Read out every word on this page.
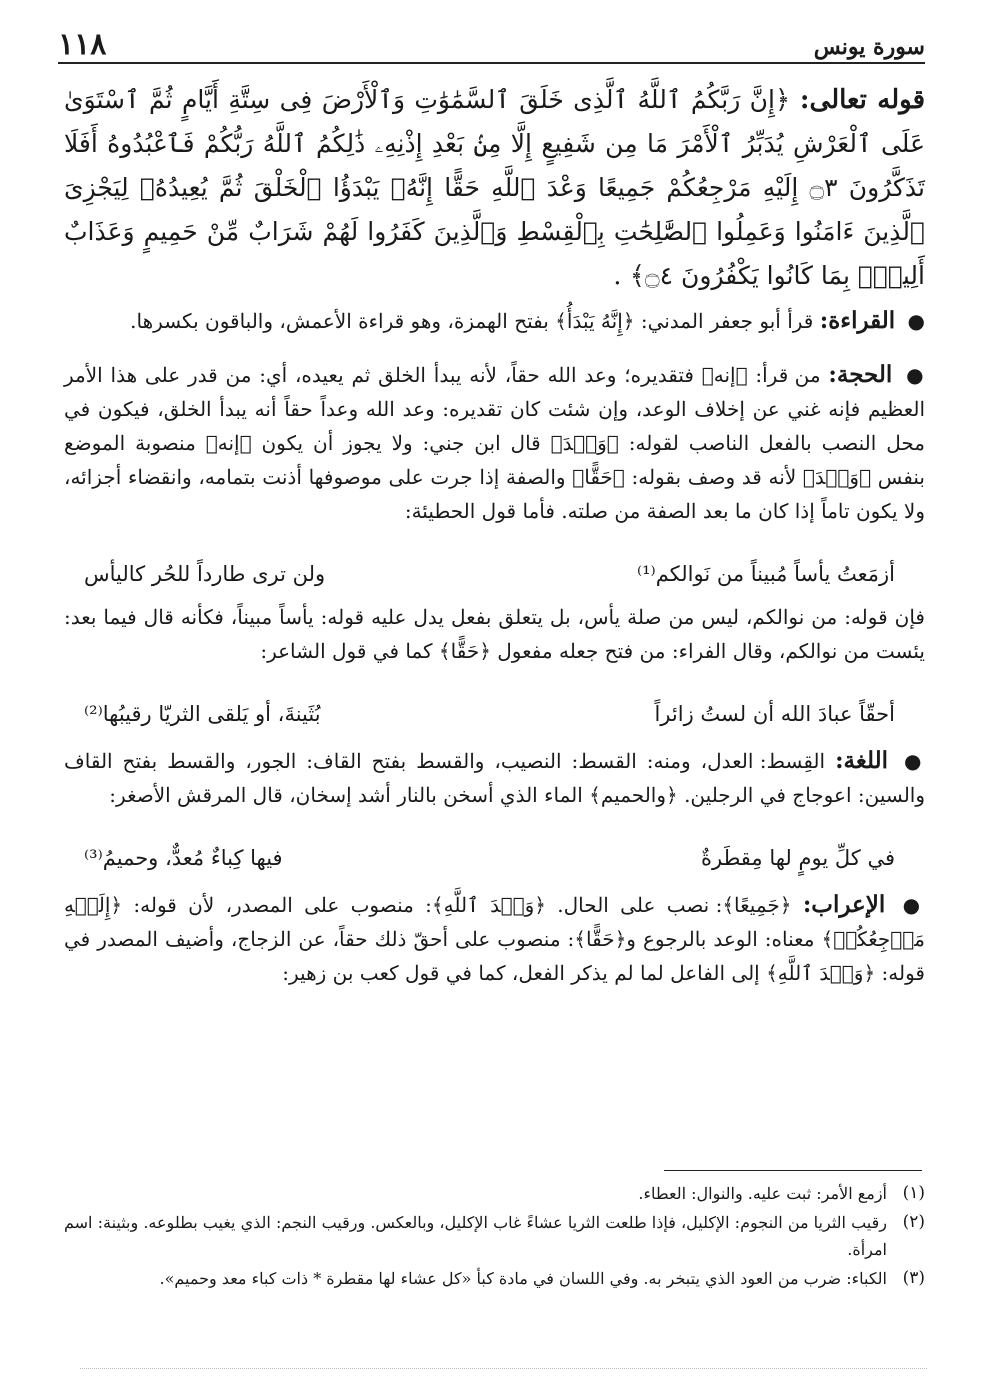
سورة يونس
١١٨

قوله تعالى: ﴿إِنَّ رَبَّكُمُ ٱللَّهُ ٱلَّذِى خَلَقَ ٱلسَّمَٰوَٰتِ وَٱلْأَرْضَ فِى سِتَّةِ أَيَّامٍ ثُمَّ ٱسْتَوَىٰ عَلَى ٱلْعَرْشِ يُدَبِّرُ ٱلْأَمْرَ مَا مِن شَفِيعٍ إِلَّا مِنۢ بَعْدِ إِذْنِهِۦ ذَٰلِكُمُ ٱللَّهُ رَبُّكُمْ فَٱعْبُدُوهُ أَفَلَا تَذَكَّرُونَ ۝٣ إِلَيْهِ مَرْجِعُكُمْ جَمِيعًا وَعْدَ ٱللَّهِ حَقًّا إِنَّهُۥ يَبْدَؤُا ٱلْخَلْقَ ثُمَّ يُعِيدُهُۥ لِيَجْزِىَ ٱلَّذِينَ ءَامَنُوا وَعَمِلُوا ٱلصَّٰلِحَٰتِ بِٱلْقِسْطِ وَٱلَّذِينَ كَفَرُوا لَهُمْ شَرَابٌ مِّنْ حَمِيمٍ وَعَذَابٌ أَلِيمٌۢ بِمَا كَانُوا يَكْفُرُونَ ۝٤﴾ .

● القراءة: قرأ أبو جعفر المدني: ﴿إِنَّهُ يَبْدَأُ﴾ بفتح الهمزة، وهو قراءة الأعمش، والباقون بكسرها.

● الحجة: من قرأ: ﴿إنه﴾ فتقديره؛ وعد الله حقاً، لأنه يبدأ الخلق ثم يعيده، أي: من قدر على هذا الأمر العظيم فإنه غني عن إخلاف الوعد، وإن شئت كان تقديره: وعد الله وعداً حقاً أنه يبدأ الخلق، فيكون في محل النصب بالفعل الناصب لقوله: ﴿وَعۡدَ﴾ قال ابن جني: ولا يجوز أن يكون ﴿إنه﴾ منصوبة الموضع بنفس ﴿وَعۡدَ﴾ لأنه قد وصف بقوله: ﴿حَقًّا﴾ والصفة إذا جرت على موصوفها أذنت بتمامه، وانقضاء أجزائه، ولا يكون تاماً إذا كان ما بعد الصفة من صلته. فأما قول الحطيئة:

أزمَعتُ يأساً مُبيناً من نَوالكم⁽¹⁾
ولن ترى طارداً للحُر كاليأس

فإن قوله: من نوالكم، ليس من صلة يأس، بل يتعلق بفعل يدل عليه قوله: يأساً مبيناً، فكأنه قال فيما بعد: يئست من نوالكم، وقال الفراء: من فتح جعله مفعول ﴿حَقًّا﴾ كما في قول الشاعر:

أحقّاً عبادَ الله أن لستُ زائراً
بُثَينةَ، أو يَلقى الثريّا رقيبُها⁽²⁾

● اللغة: القِسط: العدل، ومنه: القسط: النصيب، والقسط بفتح القاف: الجور، والقسط بفتح القاف والسين: اعوجاج في الرجلين. ﴿والحميم﴾ الماء الذي أسخن بالنار أشد إسخان، قال المرقش الأصغر:

في كلِّ يومٍ لها مِقطَرةٌ
فيها كِباءٌ مُعدٌّ، وحميمُ⁽³⁾

● الإعراب: ﴿جَمِيعًا﴾: نصب على الحال. ﴿وَعۡدَ ٱللَّهِ﴾: منصوب على المصدر، لأن قوله: ﴿إِلَيۡهِ مَرۡجِعُكُمۡ﴾ معناه: الوعد بالرجوع و﴿حَقًّا﴾: منصوب على أحقّ ذلك حقاً، عن الزجاج، وأضيف المصدر في قوله: ﴿وَعۡدَ ٱللَّهِ﴾ إلى الفاعل لما لم يذكر الفعل، كما في قول كعب بن زهير:

(١)
أزمع الأمر: ثبت عليه. والنوال: العطاء.
(٢)
رقيب الثريا من النجوم: الإكليل، فإذا طلعت الثريا عشاءً غاب الإكليل، وبالعكس. ورقيب النجم: الذي يغيب بطلوعه. وبثينة: اسم امرأة.
(٣)
الكباء: ضرب من العود الذي يتبخر به. وفي اللسان في مادة كبأ «كل عشاء لها مقطرة * ذات كباء معد وحميم».
